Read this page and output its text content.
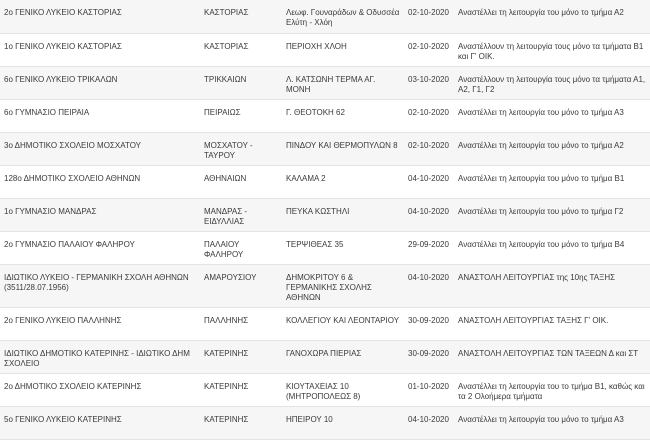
2ο ΓΕΝΙΚΟ ΛΥΚΕΙΟ ΚΑΣΤΟΡΙΑΣ	ΚΑΣΤΟΡΙΑΣ	Λεωφ. Γουναράδων & Οδυσσέα Ελύτη - Χλόη	02-10-2020	Αναστέλλει τη λειτουργία του μόνο το τμήμα Α2

1ο ΓΕΝΙΚΟ ΛΥΚΕΙΟ ΚΑΣΤΟΡΙΑΣ	ΚΑΣΤΟΡΙΑΣ	ΠΕΡΙΟΧΗ ΧΛΟΗ	02-10-2020	Αναστέλλουν τη λειτουργία τους μόνο τα τμήματα Β1 και Γ' ΟΙΚ.

6ο ΓΕΝΙΚΟ ΛΥΚΕΙΟ ΤΡΙΚΑΛΩΝ	ΤΡΙΚΚΑΙΩΝ	Λ. ΚΑΤΣΩΝΗ ΤΕΡΜΑ ΑΓ. ΜΟΝΗ	03-10-2020	Αναστέλλουν τη λειτουργία τους μόνο τα τμήματα Α1, Α2, Γ1, Γ2

6ο ΓΥΜΝΑΣΙΟ ΠΕΙΡΑΙΑ	ΠΕΙΡΑΙΩΣ	Γ. ΘΕΟΤΟΚΗ 62	02-10-2020	Αναστέλλει τη λειτουργία του μόνο το τμήμα Α3

3ο ΔΗΜΟΤΙΚΟ ΣΧΟΛΕΙΟ ΜΟΣΧΑΤΟΥ	ΜΟΣΧΑΤΟΥ - ΤΑΥΡΟΥ	ΠΙΝΔΟΥ ΚΑΙ ΘΕΡΜΟΠΥΛΩΝ 8	02-10-2020	Αναστέλλει τη λειτουργία του μόνο το τμήμα Α2

128ο ΔΗΜΟΤΙΚΟ ΣΧΟΛΕΙΟ ΑΘΗΝΩΝ	ΑΘΗΝΑΙΩΝ	ΚΑΛΑΜΑ 2	04-10-2020	Αναστέλλει τη λειτουργία του μόνο το τμήμα Β1

1ο ΓΥΜΝΑΣΙΟ ΜΑΝΔΡΑΣ	ΜΑΝΔΡΑΣ - ΕΙΔΥΛΛΙΑΣ	ΠΕΥΚΑ ΚΩΣΤΗΛΙ	04-10-2020	Αναστέλλει τη λειτουργία του μόνο το τμήμα Γ2

2ο ΓΥΜΝΑΣΙΟ ΠΑΛΑΙΟΥ ΦΑΛΗΡΟΥ	ΠΑΛΑΙΟΥ ΦΑΛΗΡΟΥ	ΤΕΡΨΙΘΕΑΣ 35	29-09-2020	Αναστέλλει τη λειτουργία του μόνο το τμήμα Β4

ΙΔΙΩΤΙΚΟ ΛΥΚΕΙΟ - ΓΕΡΜΑΝΙΚΗ ΣΧΟΛΗ ΑΘΗΝΩΝ (3511/28.07.1956)	ΑΜΑΡΟΥΣΙΟΥ	ΔΗΜΟΚΡΙΤΟΥ 6 & ΓΕΡΜΑΝΙΚΗΣ ΣΧΟΛΗΣ ΑΘΗΝΩΝ	04-10-2020	ΑΝΑΣΤΟΛΗ ΛΕΙΤΟΥΡΓΙΑΣ της 10ης ΤΑΞΗΣ

2ο ΓΕΝΙΚΟ ΛΥΚΕΙΟ ΠΑΛΛΗΝΗΣ	ΠΑΛΛΗΝΗΣ	ΚΟΛΛΕΓΙΟΥ ΚΑΙ ΛΕΟΝΤΑΡΙΟΥ	30-09-2020	ΑΝΑΣΤΟΛΗ ΛΕΙΤΟΥΡΓΙΑΣ ΤΑΞΗΣ Γ' ΟΙΚ.

ΙΔΙΩΤΙΚΟ ΔΗΜΟΤΙΚΟ ΚΑΤΕΡΙΝΗΣ - ΙΔΙΩΤΙΚΟ ΔΗΜ ΣΧΟΛΕΙΟ	ΚΑΤΕΡΙΝΗΣ	ΓΑΝΟΧΩΡΑ ΠΙΕΡΙΑΣ	30-09-2020	ΑΝΑΣΤΟΛΗ ΛΕΙΤΟΥΡΓΙΑΣ ΤΩΝ ΤΑΞΕΩΝ Δ και ΣΤ

2ο ΔΗΜΟΤΙΚΟ ΣΧΟΛΕΙΟ ΚΑΤΕΡΙΝΗΣ	ΚΑΤΕΡΙΝΗΣ	ΚΙΟΥΤΑΧΕΙΑΣ 10 (ΜΗΤΡΟΠΟΛΕΩΣ 8)	01-10-2020	Αναστέλλει τη λειτουργία του το τμήμα Β1, καθώς και τα 2 Ολοήμερα τμήματα

5ο ΓΕΝΙΚΟ ΛΥΚΕΙΟ ΚΑΤΕΡΙΝΗΣ	ΚΑΤΕΡΙΝΗΣ	ΗΠΕΙΡΟΥ 10	04-10-2020	Αναστέλλει τη λειτουργία του μόνο το τμήμα Α3
